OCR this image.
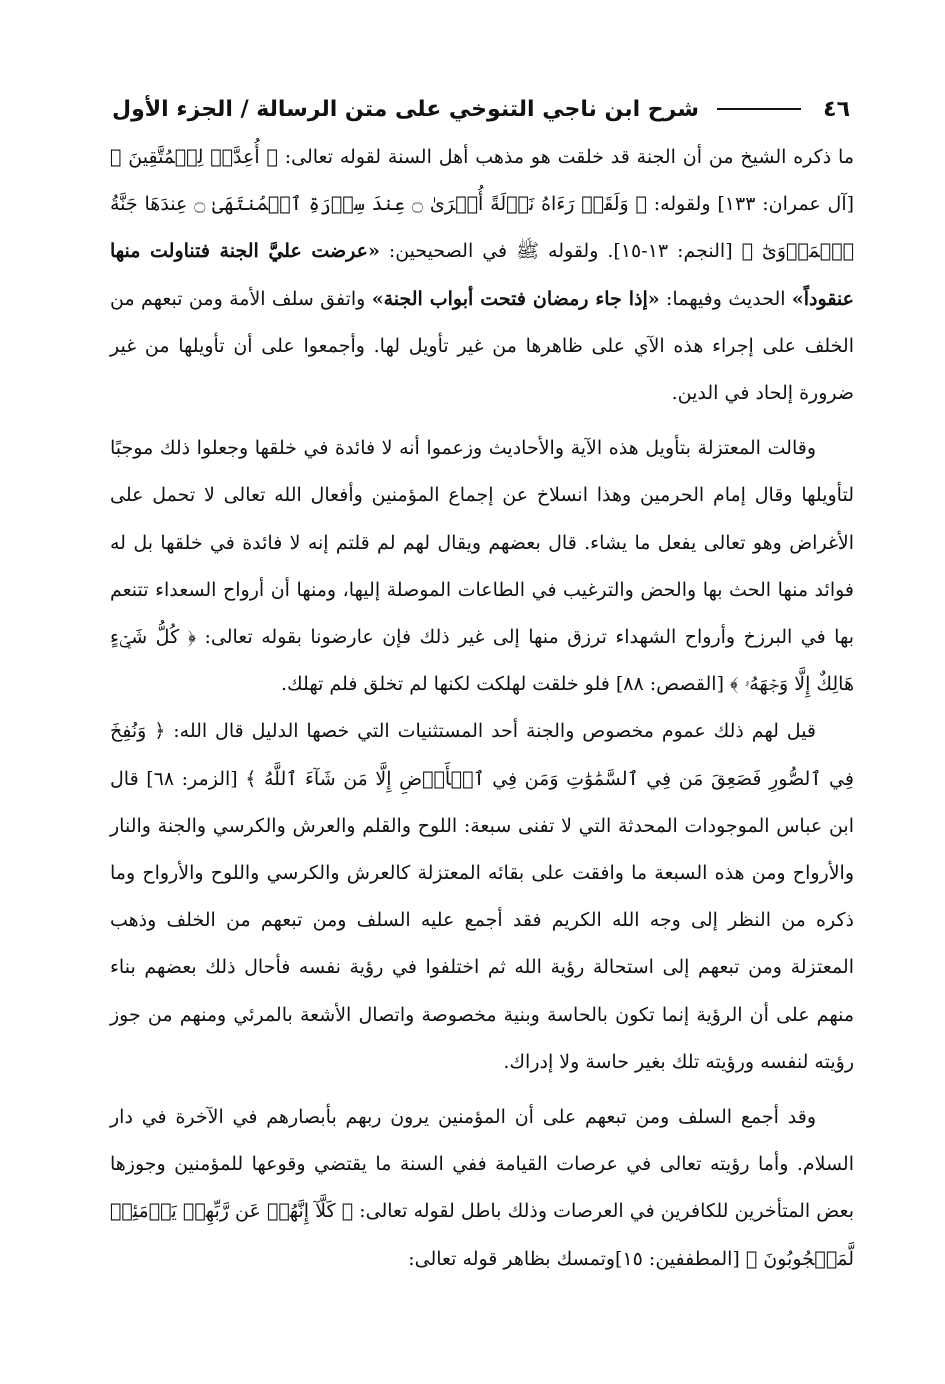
٤٦
شرح ابن ناجي التنوخي على متن الرسالة / الجزء الأول

ما ذكره الشيخ من أن الجنة قد خلقت هو مذهب أهل السنة لقوله تعالى: ﴿ أُعِدَّتۡ لِلۡمُتَّقِينَ ﴾ [آل عمران: ١٣٣] ولقوله: ﴿ وَلَقَدۡ رَءَاهُ نَزۡلَةً أُخۡرَىٰ ۝ عِندَ سِدۡرَةِ ٱلۡمُنتَهَىٰ ۝ عِندَهَا جَنَّةُ ٱلۡمَأۡوَىٰٓ ﴾ [النجم: ١٣-١٥]. ولقوله ﷺ في الصحيحين: «عرضت عليَّ الجنة فتناولت منها عنقوداً» الحديث وفيهما: «إذا جاء رمضان فتحت أبواب الجنة» واتفق سلف الأمة ومن تبعهم من الخلف على إجراء هذه الآي على ظاهرها من غير تأويل لها. وأجمعوا على أن تأويلها من غير ضرورة إلحاد في الدين.

وقالت المعتزلة بتأويل هذه الآية والأحاديث وزعموا أنه لا فائدة في خلقها وجعلوا ذلك موجبًا لتأويلها وقال إمام الحرمين وهذا انسلاخ عن إجماع المؤمنين وأفعال الله تعالى لا تحمل على الأغراض وهو تعالى يفعل ما يشاء. قال بعضهم ويقال لهم لم قلتم إنه لا فائدة في خلقها بل له فوائد منها الحث بها والحض والترغيب في الطاعات الموصلة إليها، ومنها أن أرواح السعداء تتنعم بها في البرزخ وأرواح الشهداء ترزق منها إلى غير ذلك فإن عارضونا بقوله تعالى: ﴿ كُلُّ شَيۡءٍ هَالِكٌ إِلَّا وَجۡهَهُۥ ﴾ [القصص: ٨٨] فلو خلقت لهلكت لكنها لم تخلق فلم تهلك.

قيل لهم ذلك عموم مخصوص والجنة أحد المستثنيات التي خصها الدليل قال الله: ﴿ وَنُفِخَ فِي ٱلصُّورِ فَصَعِقَ مَن فِي ٱلسَّمَٰوَٰتِ وَمَن فِي ٱلۡأَرۡضِ إِلَّا مَن شَآءَ ٱللَّهُ ﴾ [الزمر: ٦٨] قال ابن عباس الموجودات المحدثة التي لا تفنى سبعة: اللوح والقلم والعرش والكرسي والجنة والنار والأرواح ومن هذه السبعة ما وافقت على بقائه المعتزلة كالعرش والكرسي واللوح والأرواح وما ذكره من النظر إلى وجه الله الكريم فقد أجمع عليه السلف ومن تبعهم من الخلف وذهب المعتزلة ومن تبعهم إلى استحالة رؤية الله ثم اختلفوا في رؤية نفسه فأحال ذلك بعضهم بناء منهم على أن الرؤية إنما تكون بالحاسة وبنية مخصوصة واتصال الأشعة بالمرئي ومنهم من جوز رؤيته لنفسه ورؤيته تلك بغير حاسة ولا إدراك.

وقد أجمع السلف ومن تبعهم على أن المؤمنين يرون ربهم بأبصارهم في الآخرة في دار السلام. وأما رؤيته تعالى في عرصات القيامة ففي السنة ما يقتضي وقوعها للمؤمنين وجوزها بعض المتأخرين للكافرين في العرصات وذلك باطل لقوله تعالى: ﴿ كَلَّآ إِنَّهُمۡ عَن رَّبِّهِمۡ يَوۡمَئِذٖ لَّمَحۡجُوبُونَ ﴾ [المطففين: ١٥]وتمسك بظاهر قوله تعالى:
